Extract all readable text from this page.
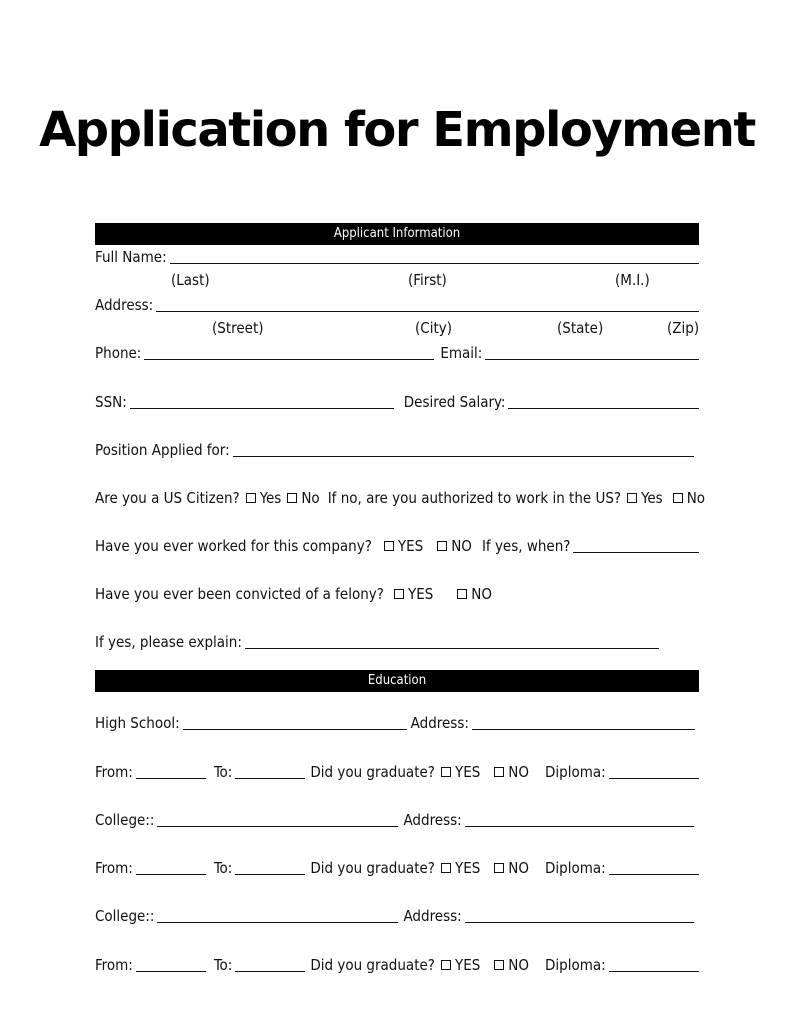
Application for Employment
Applicant Information
Full Name:
(Last)	(First)	(M.I.)
Address:
(Street)	(City)	(State)	(Zip)
Phone:	Email:
SSN:	Desired Salary:
Position Applied for:
Are you a US Citizen? Yes No If no, are you authorized to work in the US? Yes No
Have you ever worked for this company? YES NO If yes, when?
Have you ever been convicted of a felony? YES	NO
If yes, please explain:
Education
High School:	Address:
From:	To:	Did you graduate? YES NO Diploma:
College::	Address:
From:	To:	Did you graduate? YES NO Diploma:
College::	Address:
From:	To:	Did you graduate? YES NO Diploma:
